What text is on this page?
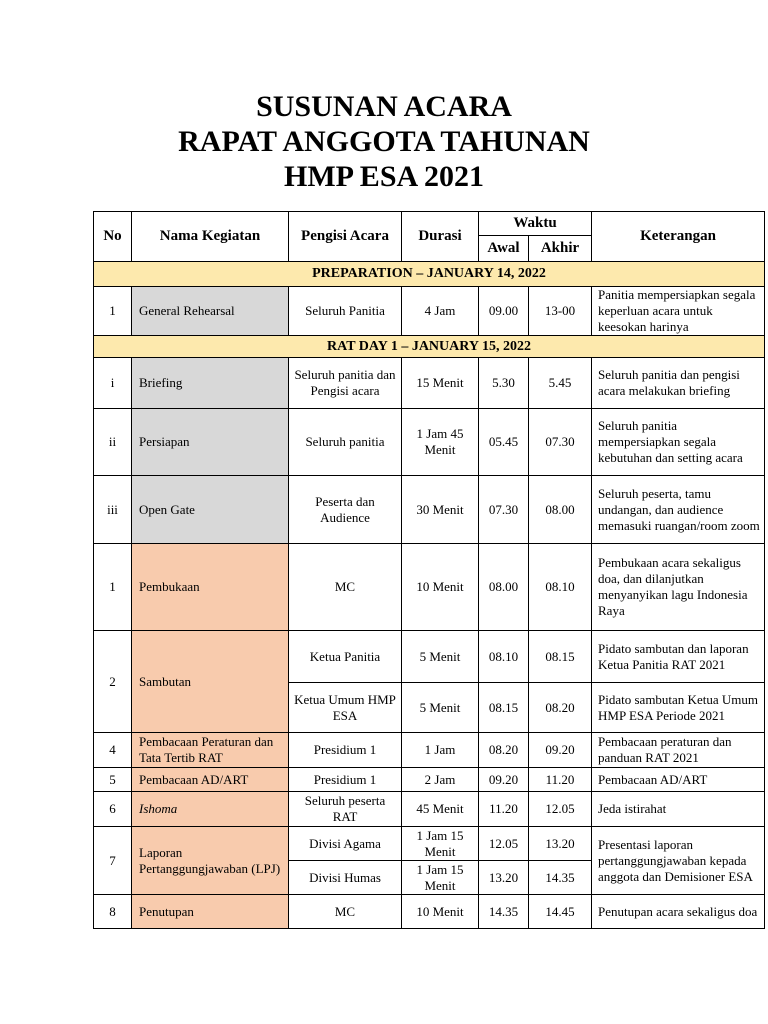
SUSUNAN ACARA
RAPAT ANGGOTA TAHUNAN
HMP ESA 2021
No	Nama Kegiatan	Pengisi Acara	Durasi	Waktu		Keterangan
				Awal	Akhir	
PREPARATION – JANUARY 14, 2022						
1	General Rehearsal	Seluruh Panitia	4 Jam	09.00	13-00	Panitia mempersiapkan segala keperluan acara untuk keesokan harinya
RAT DAY 1 – JANUARY 15, 2022						
i	Briefing	Seluruh panitia dan Pengisi acara	15 Menit	5.30	5.45	Seluruh panitia dan pengisi acara melakukan briefing
ii	Persiapan	Seluruh panitia	1 Jam 45 Menit	05.45	07.30	Seluruh panitia mempersiapkan segala kebutuhan dan setting acara
iii	Open Gate	Peserta dan Audience	30 Menit	07.30	08.00	Seluruh peserta, tamu undangan, dan audience memasuki ruangan/room zoom
1	Pembukaan	MC	10 Menit	08.00	08.10	Pembukaan acara sekaligus doa, dan dilanjutkan menyanyikan lagu Indonesia Raya
2	Sambutan	Ketua Panitia	5 Menit	08.10	08.15	Pidato sambutan dan laporan Ketua Panitia RAT 2021
		Ketua Umum HMP ESA	5 Menit	08.15	08.20	Pidato sambutan Ketua Umum HMP ESA Periode 2021
4	Pembacaan Peraturan dan Tata Tertib RAT	Presidium 1	1 Jam	08.20	09.20	Pembacaan peraturan dan panduan RAT 2021
5	Pembacaan AD/ART	Presidium 1	2 Jam	09.20	11.20	Pembacaan AD/ART
6	Ishoma	Seluruh peserta RAT	45 Menit	11.20	12.05	Jeda istirahat
7	Laporan Pertanggungjawaban (LPJ)	Divisi Agama	1 Jam 15 Menit	12.05	13.20	Presentasi laporan pertanggungjawaban kepada anggota dan Demisioner ESA
		Divisi Humas	1 Jam 15 Menit	13.20	14.35	
8	Penutupan	MC	10 Menit	14.35	14.45	Penutupan acara sekaligus doa
